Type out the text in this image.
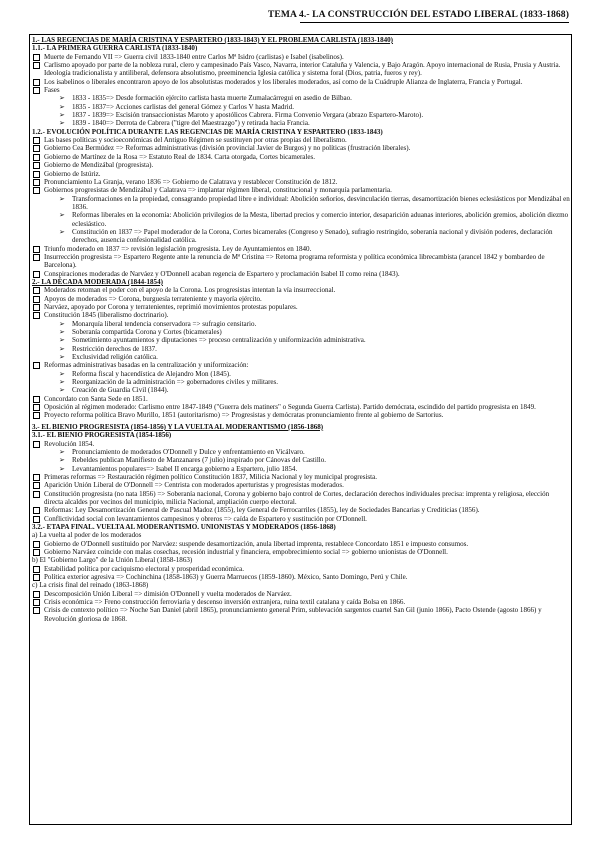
TEMA 4.- LA CONSTRUCCIÓN DEL ESTADO LIBERAL (1833-1868)
1.- LAS REGENCIAS DE MARÍA CRISTINA Y ESPARTERO (1833-1843) Y EL PROBLEMA CARLISTA (1833-1840)
1.1.- LA PRIMERA GUERRA CARLISTA (1833-1840)
Muerte de Fernando VII => Guerra civil 1833-1840 entre Carlos Mª Isidro (carlistas) e Isabel (isabelinos).
Carlismo apoyado por parte de la nobleza rural, clero y campesinado País Vasco, Navarra, interior Cataluña y Valencia, y Bajo Aragón. Apoyo internacional de Rusia, Prusia y Austria. Ideología tradicionalista y antiliberal, defensora absolutismo, preeminencia Iglesia católica y sistema foral (Dios, patria, fueros y rey).
Los isabelinos o liberales encontraron apoyo de los absolutistas moderados y los liberales moderados, así como de la Cuádruple Alianza de Inglaterra, Francia y Portugal.
Fases
➢ 1833 - 1835=> Desde formación ejército carlista hasta muerte Zumalacárregui en asedio de Bilbao.
➢ 1835 - 1837=> Acciones carlistas del general Gómez y Carlos V hasta Madrid.
➢ 1837 - 1839=> Escisión transaccionistas Maroto y apostólicos Cabrera. Firma Convenio Vergara (abrazo Espartero-Maroto).
➢ 1839 - 1840=> Derrota de Cabrera ("tigre del Maestrazgo") y retirada hacia Francia.
1.2.- EVOLUCIÓN POLÍTICA DURANTE LAS REGENCIAS DE MARÍA CRISTINA Y ESPARTERO (1833-1843)
Las bases políticas y socioeconómicas del Antiguo Régimen se sustituyen por otras propias del liberalismo.
Gobierno Cea Bermúdez => Reformas administrativas (división provincial Javier de Burgos) y no políticas (frustración liberales).
Gobierno de Martínez de la Rosa => Estatuto Real de 1834. Carta otorgada, Cortes bicamerales.
Gobierno de Mendizábal (progresista).
Gobierno de Istúriz.
Pronunciamiento La Granja, verano 1836 => Gobierno de Calatrava y restablecer Constitución de 1812.
Gobiernos progresistas de Mendizábal y Calatrava => implantar régimen liberal, constitucional y monarquía parlamentaria.
➢ Transformaciones en la propiedad, consagrando propiedad libre e individual: Abolición señoríos, desvinculación tierras, desamortización bienes eclesiásticos por Mendizábal en 1836.
➢ Reformas liberales en la economía: Abolición privilegios de la Mesta, libertad precios y comercio interior, desaparición aduanas interiores, abolición gremios, abolición diezmo eclesiástico.
➢ Constitución en 1837 => Papel moderador de la Corona, Cortes bicamerales (Congreso y Senado), sufragio restringido, soberanía nacional y división poderes, declaración derechos, ausencia confesionalidad católica.
Triunfo moderado en 1837 => revisión legislación progresista. Ley de Ayuntamientos en 1840.
Insurrección progresista => Espartero Regente ante la renuncia de Mª Cristina => Retoma programa reformista y política económica librecambista (arancel 1842 y bombardeo de Barcelona).
Conspiraciones moderadas de Narváez y O'Donnell acaban regencia de Espartero y proclamación Isabel II como reina (1843).
2.- LA DÉCADA MODERADA (1844-1854)
Moderados retoman el poder con el apoyo de la Corona. Los progresistas intentan la vía insurreccional.
Apoyos de moderados => Corona, burguesía terrateniente y mayoría ejército.
Narváez, apoyado por Corona y terratenientes, reprimió movimientos protestas populares.
Constitución 1845 (liberalismo doctrinario).
➢ Monarquía liberal tendencia conservadora => sufragio censitario.
➢ Soberanía compartida Corona y Cortes (bicamerales)
➢ Sometimiento ayuntamientos y diputaciones => proceso centralización y uniformización administrativa.
➢ Restricción derechos de 1837.
➢ Exclusividad religión católica.
Reformas administrativas basadas en la centralización y uniformización:
➢ Reforma fiscal y hacendística de Alejandro Mon (1845).
➢ Reorganización de la administración => gobernadores civiles y militares.
➢ Creación de Guardia Civil (1844).
Concordato con Santa Sede en 1851.
Oposición al régimen moderado: Carlismo entre 1847-1849 ("Guerra dels matiners" o Segunda Guerra Carlista). Partido demócrata, escindido del partido progresista en 1849.
Proyecto reforma política Bravo Murillo, 1851 (autoritarismo) => Progresistas y demócratas pronunciamiento frente al gobierno de Sartorius.
3.- EL BIENIO PROGRESISTA (1854-1856) Y LA VUELTA AL MODERANTISMO (1856-1868)
3.1.- EL BIENIO PROGRESISTA (1854-1856)
Revolución 1854.
➢ Pronunciamiento de moderados O'Donnell y Dulce y enfrentamiento en Vicálvaro.
➢ Rebeldes publican Manifiesto de Manzanares (7 julio) inspirado por Cánovas del Castillo.
➢ Levantamientos populares=> Isabel II encarga gobierno a Espartero, julio 1854.
Primeras reformas => Restauración régimen político Constitución 1837, Milicia Nacional y ley municipal progresista.
Aparición Unión Liberal de O'Donnell => Centrista con moderados aperturistas y progresistas moderados.
Constitución progresista (no nata 1856) => Soberanía nacional, Corona y gobierno bajo control de Cortes, declaración derechos individuales precisa: imprenta y religiosa, elección directa alcaldes por vecinos del municipio, milicia Nacional, ampliación cuerpo electoral.
Reformas: Ley Desamortización General de Pascual Madoz (1855), ley General de Ferrocarriles (1855), ley de Sociedades Bancarias y Crediticias (1856).
Conflictividad social con levantamientos campesinos y obreros => caída de Espartero y sustitución por O'Donnell.
3.2.- ETAPA FINAL. VUELTA AL MODERANTISMO. UNIONISTAS Y MODERADOS (1856-1868)
a) La vuelta al poder de los moderados
Gobierno de O'Donnell sustituido por Narváez: suspende desamortización, anula libertad imprenta, restablece Concordato 1851 e impuesto consumos.
Gobierno Narváez coincide con malas cosechas, recesión industrial y financiera, empobrecimiento social => gobierno unionistas de O'Donnell.
b) El "Gobierno Largo" de la Unión Liberal (1858-1863)
Estabilidad política por caciquismo electoral y prosperidad económica.
Política exterior agresiva => Cochinchina (1858-1863) y Guerra Marruecos (1859-1860). México, Santo Domingo, Perú y Chile.
c) La crisis final del reinado (1863-1868)
Descomposición Unión Liberal => dimisión O'Donnell y vuelta moderados de Narváez.
Crisis económica => Freno construcción ferroviaria y descenso inversión extranjera, ruina textil catalana y caída Bolsa en 1866.
Crisis de contexto político => Noche San Daniel (abril 1865), pronunciamiento general Prim, sublevación sargentos cuartel San Gil (junio 1866), Pacto Ostende (agosto 1866) y Revolución gloriosa de 1868.
